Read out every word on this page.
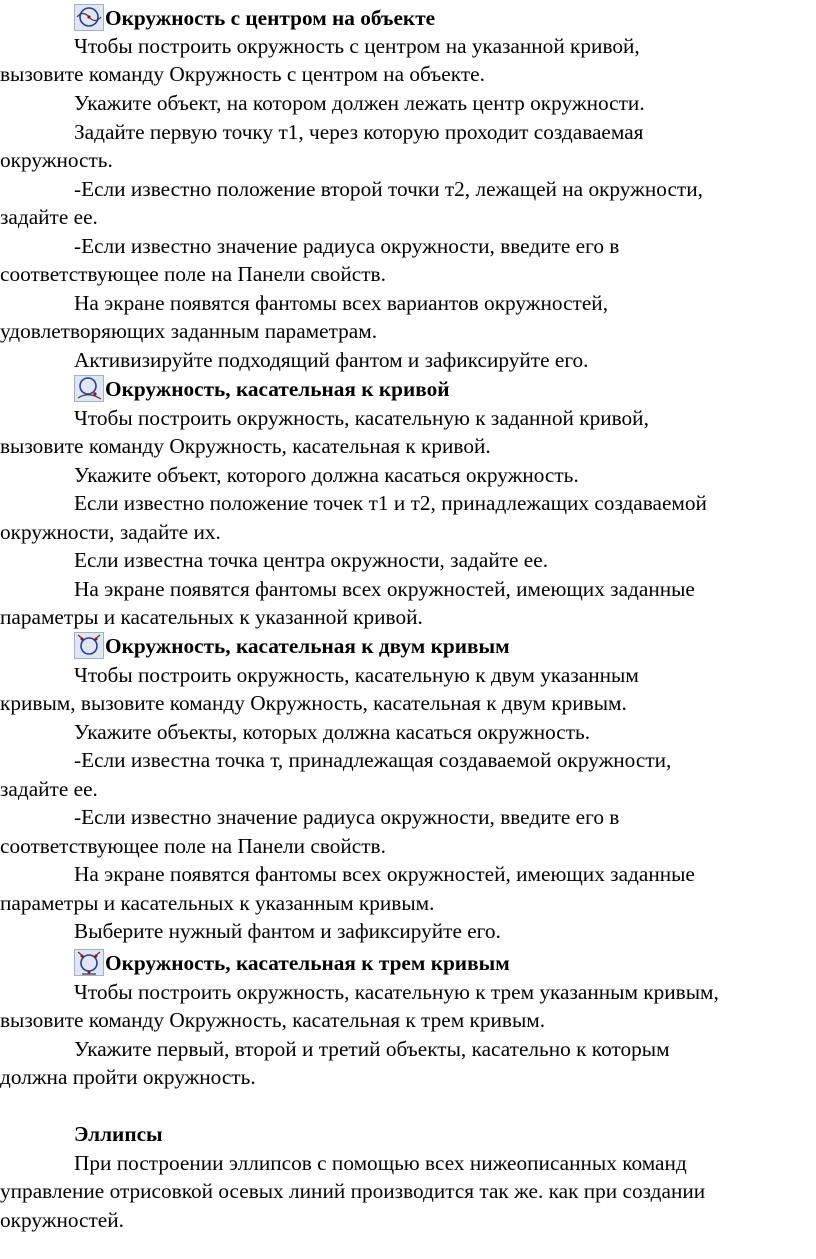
Окружность с центром на объекте
Чтобы построить окружность с центром на указанной кривой,
вызовите команду Окружность с центром на объекте.
Укажите объект, на котором должен лежать центр окружности.
Задайте первую точку т1, через которую проходит создаваемая
окружность.
-Если известно положение второй точки т2, лежащей на окружности,
задайте ее.
-Если известно значение радиуса окружности, введите его в
соответствующее поле на Панели свойств.
На экране появятся фантомы всех вариантов окружностей,
удовлетворяющих заданным параметрам.
Активизируйте подходящий фантом и зафиксируйте его.
Окружность, касательная к кривой
Чтобы построить окружность, касательную к заданной кривой,
вызовите команду Окружность, касательная к кривой.
Укажите объект, которого должна касаться окружность.
Если известно положение точек т1 и т2, принадлежащих создаваемой
окружности, задайте их.
Если известна точка центра окружности, задайте ее.
На экране появятся фантомы всех окружностей, имеющих заданные
параметры и касательных к указанной кривой.
Окружность, касательная к двум кривым
Чтобы построить окружность, касательную к двум указанным
кривым, вызовите команду Окружность, касательная к двум кривым.
Укажите объекты, которых должна касаться окружность.
-Если известна точка т, принадлежащая создаваемой окружности,
задайте ее.
-Если известно значение радиуса окружности, введите его в
соответствующее поле на Панели свойств.
На экране появятся фантомы всех окружностей, имеющих заданные
параметры и касательных к указанным кривым.
Выберите нужный фантом и зафиксируйте его.
Окружность, касательная к трем кривым
Чтобы построить окружность, касательную к трем указанным кривым,
вызовите команду Окружность, касательная к трем кривым.
Укажите первый, второй и третий объекты, касательно к которым
должна пройти окружность.
Эллипсы
При построении эллипсов с помощью всех нижеописанных команд
управление отрисовкой осевых линий производится так же. как при создании
окружностей.
